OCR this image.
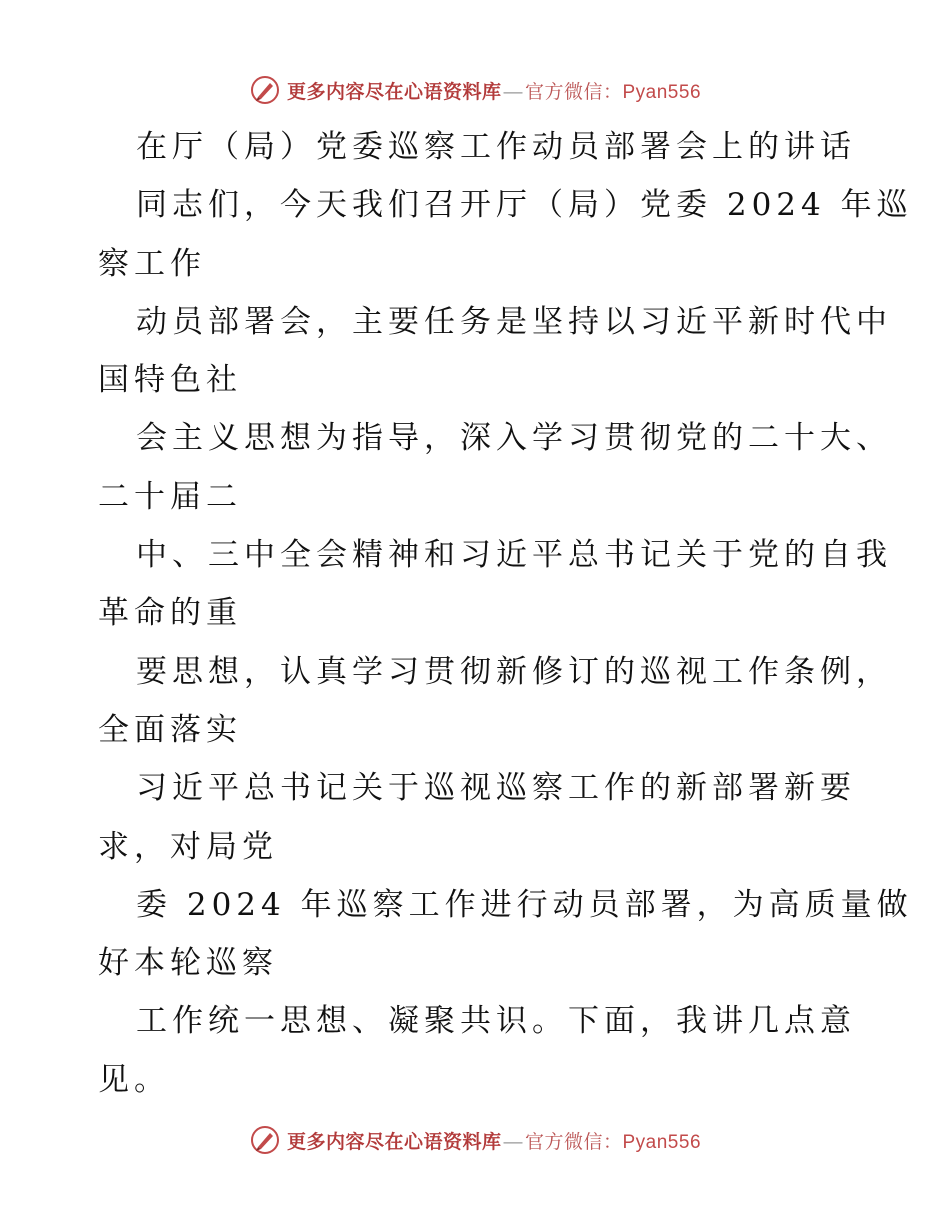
更多内容尽在心语资料库 — 官方微信：Pyan556
在厅（局）党委巡察工作动员部署会上的讲话
同志们，今天我们召开厅（局）党委 2024 年巡
察工作
动员部署会，主要任务是坚持以习近平新时代中
国特色社
会主义思想为指导，深入学习贯彻党的二十大、
二十届二
中、三中全会精神和习近平总书记关于党的自我
革命的重
要思想，认真学习贯彻新修订的巡视工作条例，
全面落实
习近平总书记关于巡视巡察工作的新部署新要
求，对局党
委 2024 年巡察工作进行动员部署，为高质量做
好本轮巡察
工作统一思想、凝聚共识。下面，我讲几点意
见。
更多内容尽在心语资料库 — 官方微信：Pyan556
